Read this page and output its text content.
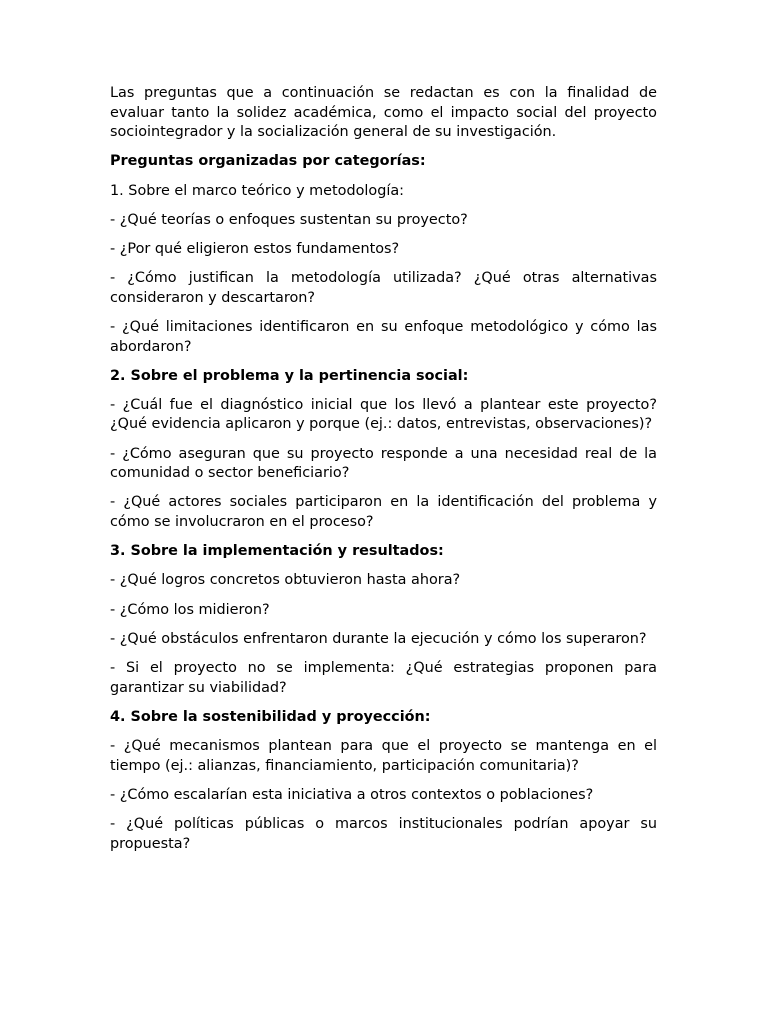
Las preguntas que a continuación se redactan es con la finalidad de evaluar tanto la solidez académica, como el impacto social del proyecto sociointegrador y la socialización general de su investigación.

Preguntas organizadas por categorías:

1. Sobre el marco teórico y metodología:

- ¿Qué teorías o enfoques sustentan su proyecto?

- ¿Por qué eligieron estos fundamentos?

- ¿Cómo justifican la metodología utilizada? ¿Qué otras alternativas consideraron y descartaron?

- ¿Qué limitaciones identificaron en su enfoque metodológico y cómo las abordaron?

2. Sobre el problema y la pertinencia social:

- ¿Cuál fue el diagnóstico inicial que los llevó a plantear este proyecto? ¿Qué evidencia aplicaron y porque (ej.: datos, entrevistas, observaciones)?

- ¿Cómo aseguran que su proyecto responde a una necesidad real de la comunidad o sector beneficiario?

- ¿Qué actores sociales participaron en la identificación del problema y cómo se involucraron en el proceso?

3. Sobre la implementación y resultados:

- ¿Qué logros concretos obtuvieron hasta ahora?

- ¿Cómo los midieron?

- ¿Qué obstáculos enfrentaron durante la ejecución y cómo los superaron?

- Si el proyecto no se implementa: ¿Qué estrategias proponen para garantizar su viabilidad?

4. Sobre la sostenibilidad y proyección:

- ¿Qué mecanismos plantean para que el proyecto se mantenga en el tiempo (ej.: alianzas, financiamiento, participación comunitaria)?

- ¿Cómo escalarían esta iniciativa a otros contextos o poblaciones?

- ¿Qué políticas públicas o marcos institucionales podrían apoyar su propuesta?
